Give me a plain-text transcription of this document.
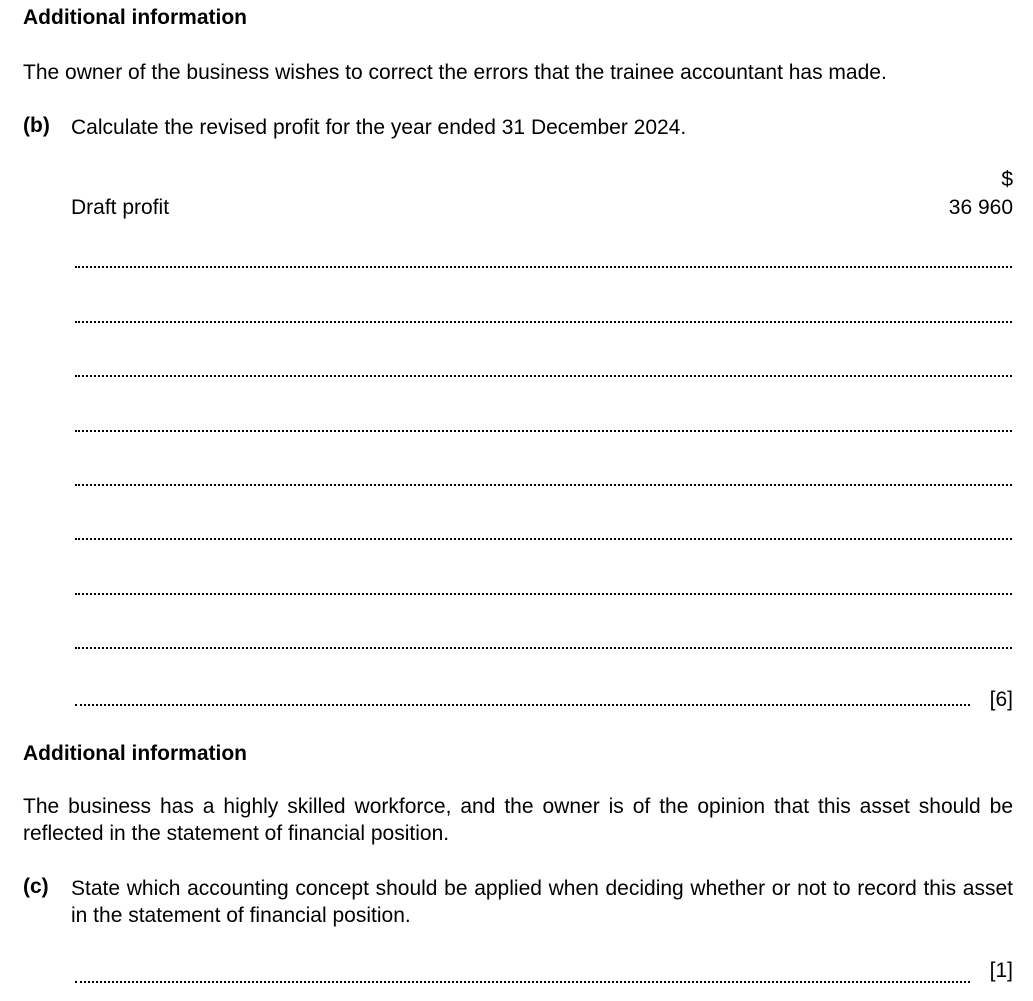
Additional information
The owner of the business wishes to correct the errors that the trainee accountant has made.
(b) Calculate the revised profit for the year ended 31 December 2024.
$
Draft profit	36 960
[6]
Additional information
The business has a highly skilled workforce, and the owner is of the opinion that this asset should be reflected in the statement of financial position.
(c) State which accounting concept should be applied when deciding whether or not to record this asset in the statement of financial position.
[1]
